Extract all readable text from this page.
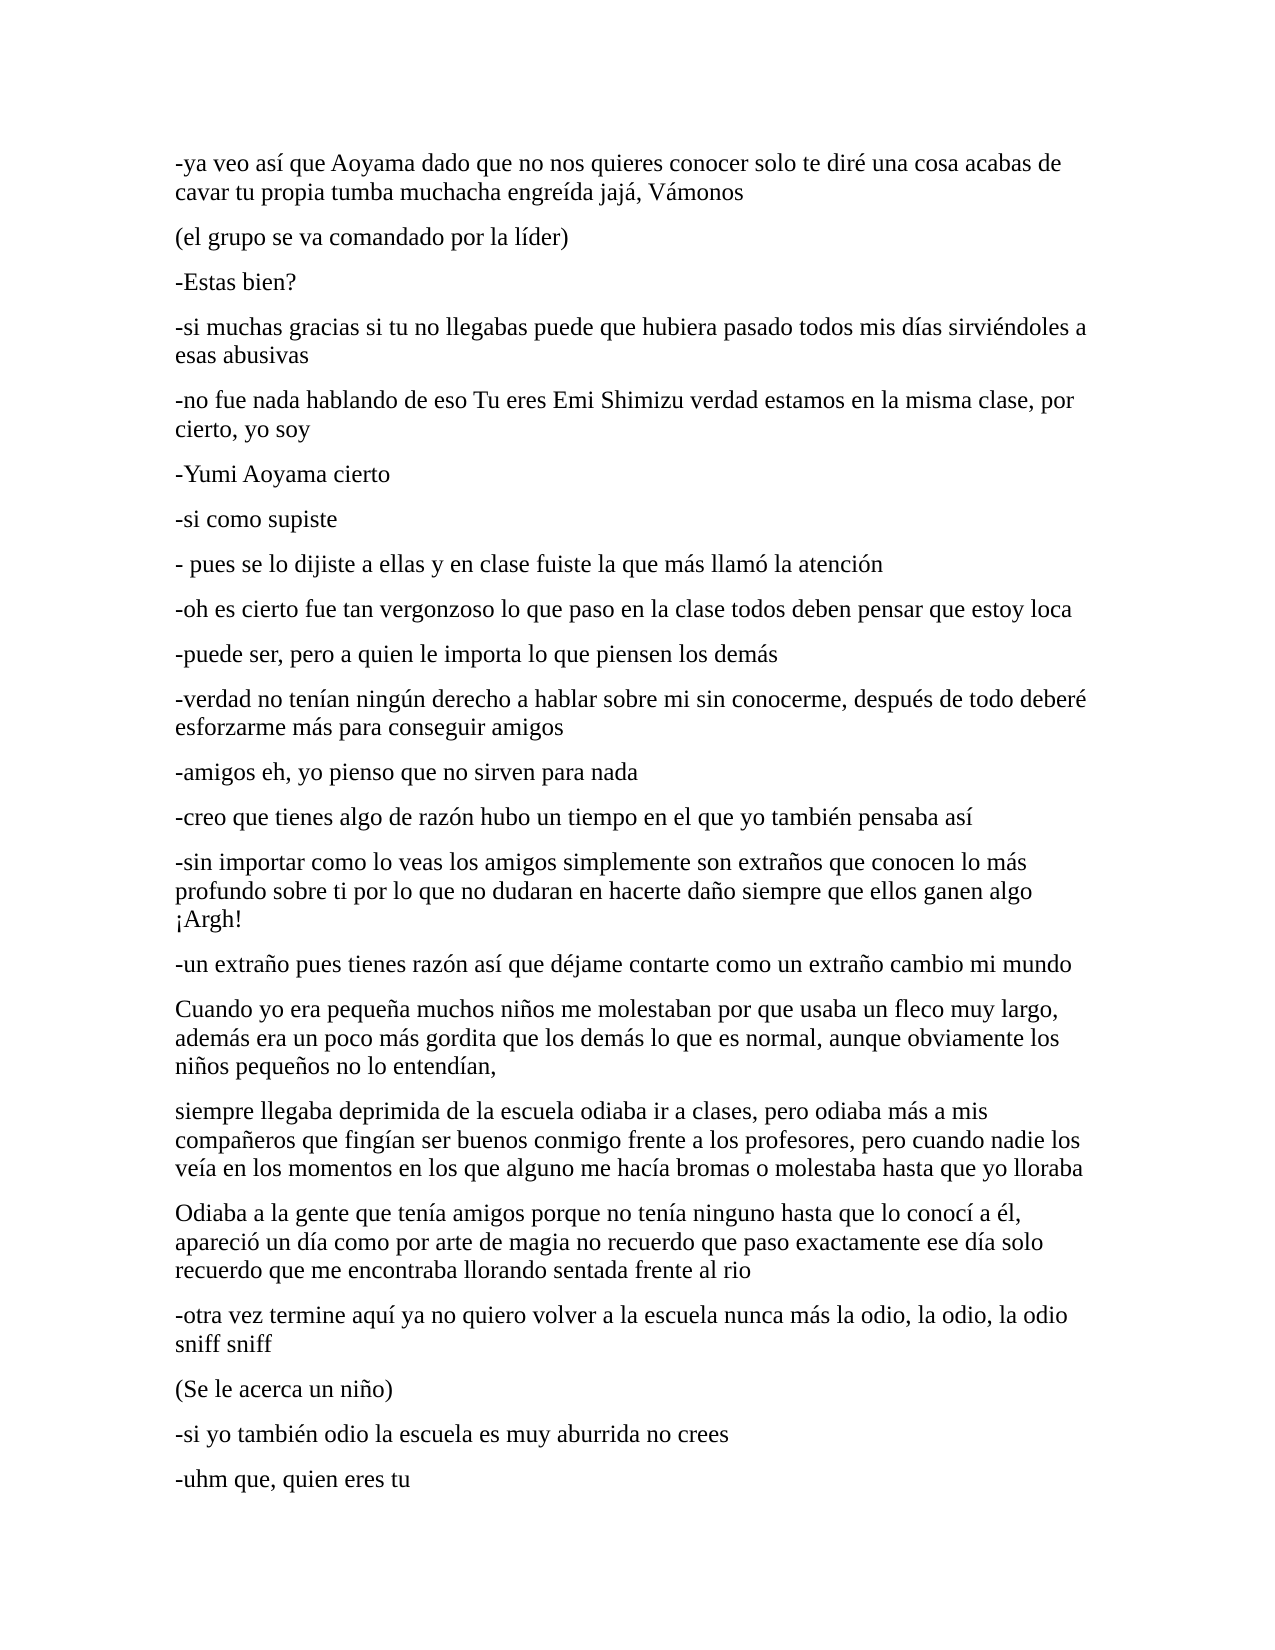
-ya veo así que Aoyama dado que no nos quieres conocer solo te diré una cosa acabas de cavar tu propia tumba muchacha engreída jajá, Vámonos

(el grupo se va comandado por la líder)

-Estas bien?

-si muchas gracias si tu no llegabas puede que hubiera pasado todos mis días sirviéndoles a esas abusivas

-no fue nada hablando de eso Tu eres Emi Shimizu verdad estamos en la misma clase, por cierto, yo soy

-Yumi Aoyama cierto

-si como supiste

- pues se lo dijiste a ellas y en clase fuiste la que más llamó la atención

-oh es cierto fue tan vergonzoso lo que paso en la clase todos deben pensar que estoy loca

-puede ser, pero a quien le importa lo que piensen los demás

-verdad no tenían ningún derecho a hablar sobre mi sin conocerme, después de todo deberé esforzarme más para conseguir amigos

-amigos eh, yo pienso que no sirven para nada

-creo que tienes algo de razón hubo un tiempo en el que yo también pensaba así

-sin importar como lo veas los amigos simplemente son extraños que conocen lo más profundo sobre ti por lo que no dudaran en hacerte daño siempre que ellos ganen algo ¡Argh!

-un extraño pues tienes razón así que déjame contarte como un extraño cambio mi mundo

Cuando yo era pequeña muchos niños me molestaban por que usaba un fleco muy largo, además era un poco más gordita que los demás lo que es normal, aunque obviamente los niños pequeños no lo entendían,

siempre llegaba deprimida de la escuela odiaba ir a clases, pero odiaba más a mis compañeros que fingían ser buenos conmigo frente a los profesores, pero cuando nadie los veía en los momentos en los que alguno me hacía bromas o molestaba hasta que yo lloraba

Odiaba a la gente que tenía amigos porque no tenía ninguno hasta que lo conocí a él, apareció un día como por arte de magia no recuerdo que paso exactamente ese día solo recuerdo que me encontraba llorando sentada frente al rio

-otra vez termine aquí ya no quiero volver a la escuela nunca más la odio, la odio, la odio sniff sniff

(Se le acerca un niño)

-si yo también odio la escuela es muy aburrida no crees

-uhm que, quien eres tu
